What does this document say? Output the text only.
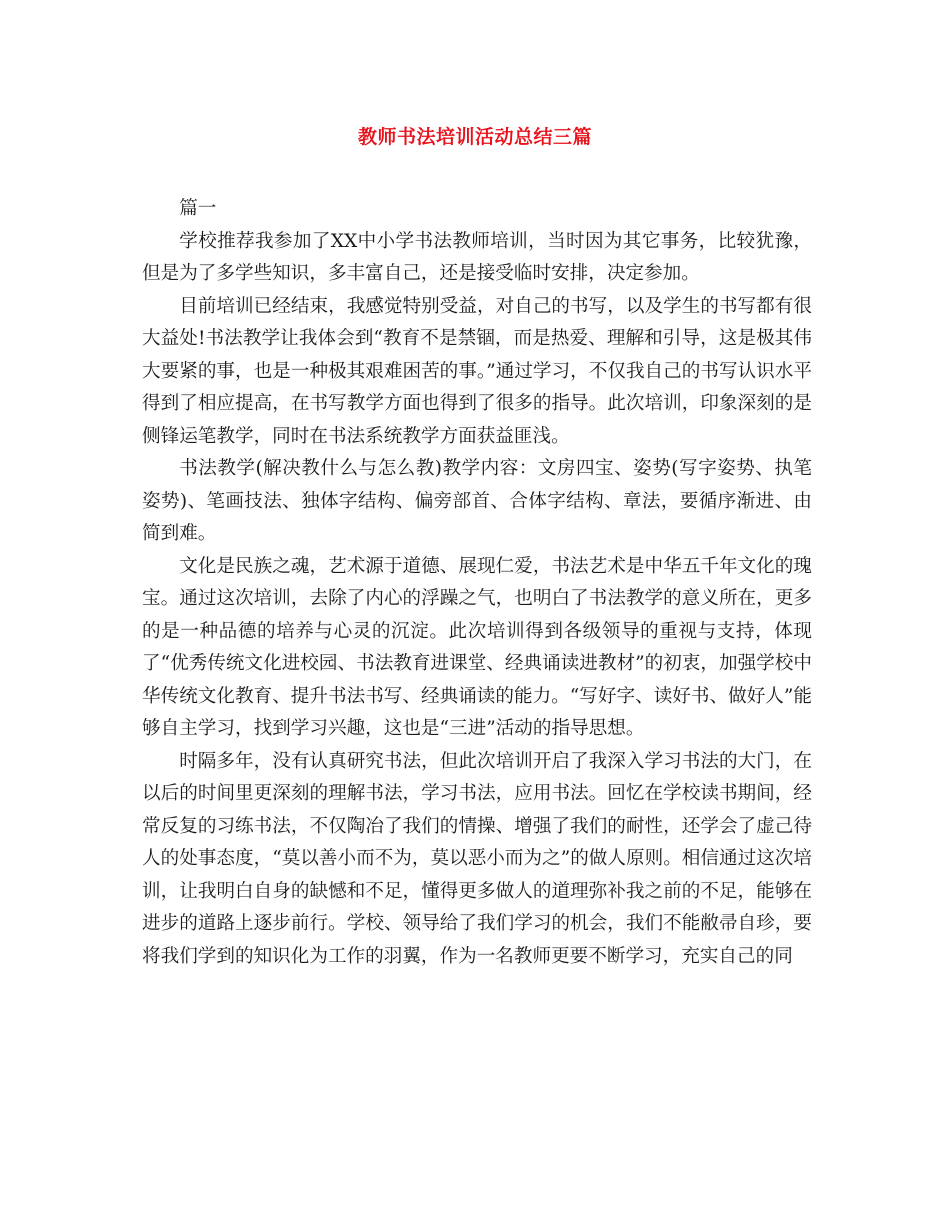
教师书法培训活动总结三篇

篇一

学校推荐我参加了XX中小学书法教师培训，当时因为其它事务，比较犹豫，但是为了多学些知识，多丰富自己，还是接受临时安排，决定参加。

目前培训已经结束，我感觉特别受益，对自己的书写，以及学生的书写都有很大益处!书法教学让我体会到“教育不是禁锢，而是热爱、理解和引导，这是极其伟大要紧的事，也是一种极其艰难困苦的事。”通过学习，不仅我自己的书写认识水平得到了相应提高，在书写教学方面也得到了很多的指导。此次培训，印象深刻的是侧锋运笔教学，同时在书法系统教学方面获益匪浅。

书法教学(解决教什么与怎么教)教学内容：文房四宝、姿势(写字姿势、执笔姿势)、笔画技法、独体字结构、偏旁部首、合体字结构、章法，要循序渐进、由简到难。

文化是民族之魂，艺术源于道德、展现仁爱，书法艺术是中华五千年文化的瑰宝。通过这次培训，去除了内心的浮躁之气，也明白了书法教学的意义所在，更多的是一种品德的培养与心灵的沉淀。此次培训得到各级领导的重视与支持，体现了“优秀传统文化进校园、书法教育进课堂、经典诵读进教材”的初衷，加强学校中华传统文化教育、提升书法书写、经典诵读的能力。“写好字、读好书、做好人”能够自主学习，找到学习兴趣，这也是“三进”活动的指导思想。

时隔多年，没有认真研究书法，但此次培训开启了我深入学习书法的大门，在以后的时间里更深刻的理解书法，学习书法，应用书法。回忆在学校读书期间，经常反复的习练书法，不仅陶冶了我们的情操、增强了我们的耐性，还学会了虚己待人的处事态度，“莫以善小而不为，莫以恶小而为之”的做人原则。相信通过这次培训，让我明白自身的缺憾和不足，懂得更多做人的道理弥补我之前的不足，能够在进步的道路上逐步前行。学校、领导给了我们学习的机会，我们不能敝帚自珍，要将我们学到的知识化为工作的羽翼，作为一名教师更要不断学习，充实自己的同
